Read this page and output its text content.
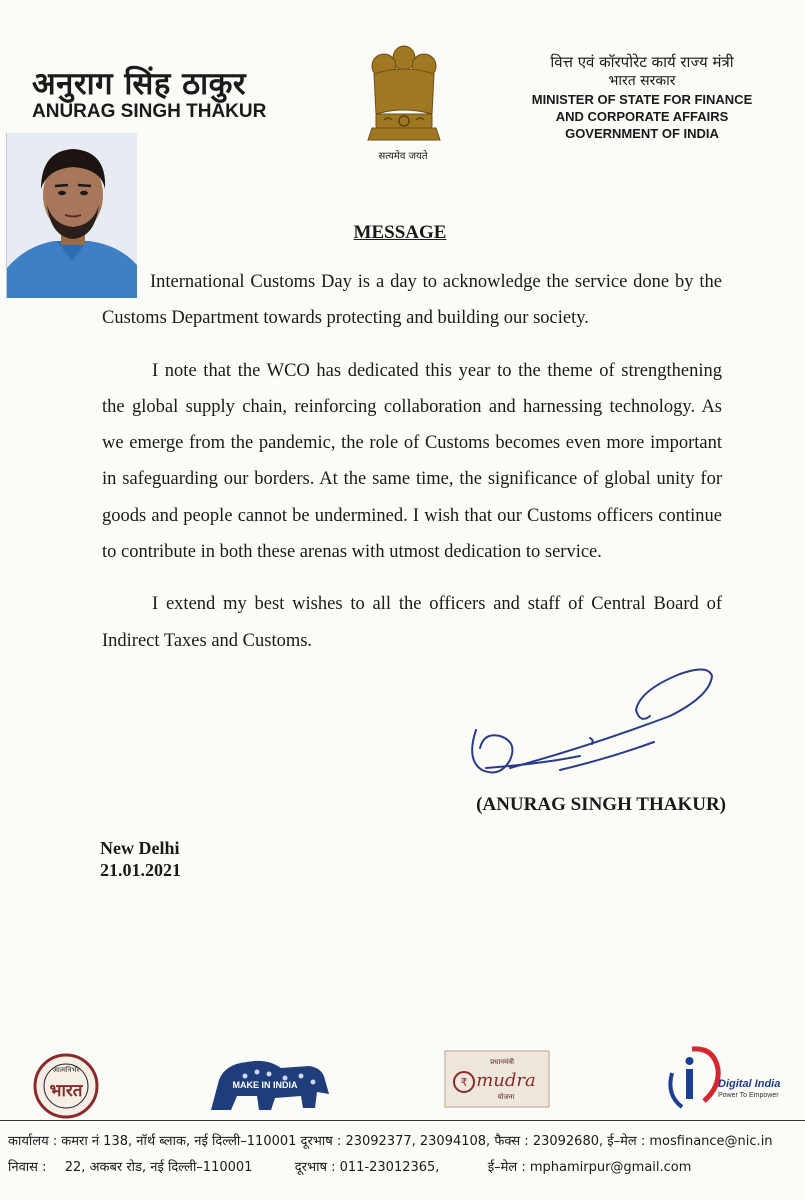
अनुराग सिंह ठाकुर
ANURAG SINGH THAKUR
सत्यमेव जयते
वित्त एवं कॉरपोरेट कार्य राज्य मंत्री
भारत सरकार
MINISTER OF STATE FOR FINANCE
AND CORPORATE AFFAIRS
GOVERNMENT OF INDIA
MESSAGE

International Customs Day is a day to acknowledge the service done by the Customs Department towards protecting and building our society.

I note that the WCO has dedicated this year to the theme of strengthening the global supply chain, reinforcing collaboration and harnessing technology. As we emerge from the pandemic, the role of Customs becomes even more important in safeguarding our borders. At the same time, the significance of global unity for goods and people cannot be undermined. I wish that our Customs officers continue to contribute in both these arenas with utmost dedication to service.

I extend my best wishes to all the officers and staff of Central Board of Indirect Taxes and Customs.

(ANURAG SINGH THAKUR)
New Delhi
21.01.2021
आत्मनिर्भर
भारत	MAKE IN INDIA
प्रधानमंत्री
₹ mudra
योजना
Digital India
Power To Empower
कार्यालय : कमरा नं 138, नॉर्थ ब्लाक, नई दिल्ली–110001 दूरभाष : 23092377, 23094108, फैक्स : 23092680, ई–मेल : mosfinance@nic.in
निवास : 22, अकबर रोड, नई दिल्ली–110001	दूरभाष : 011-23012365,	ई–मेल : mphamirpur@gmail.com
